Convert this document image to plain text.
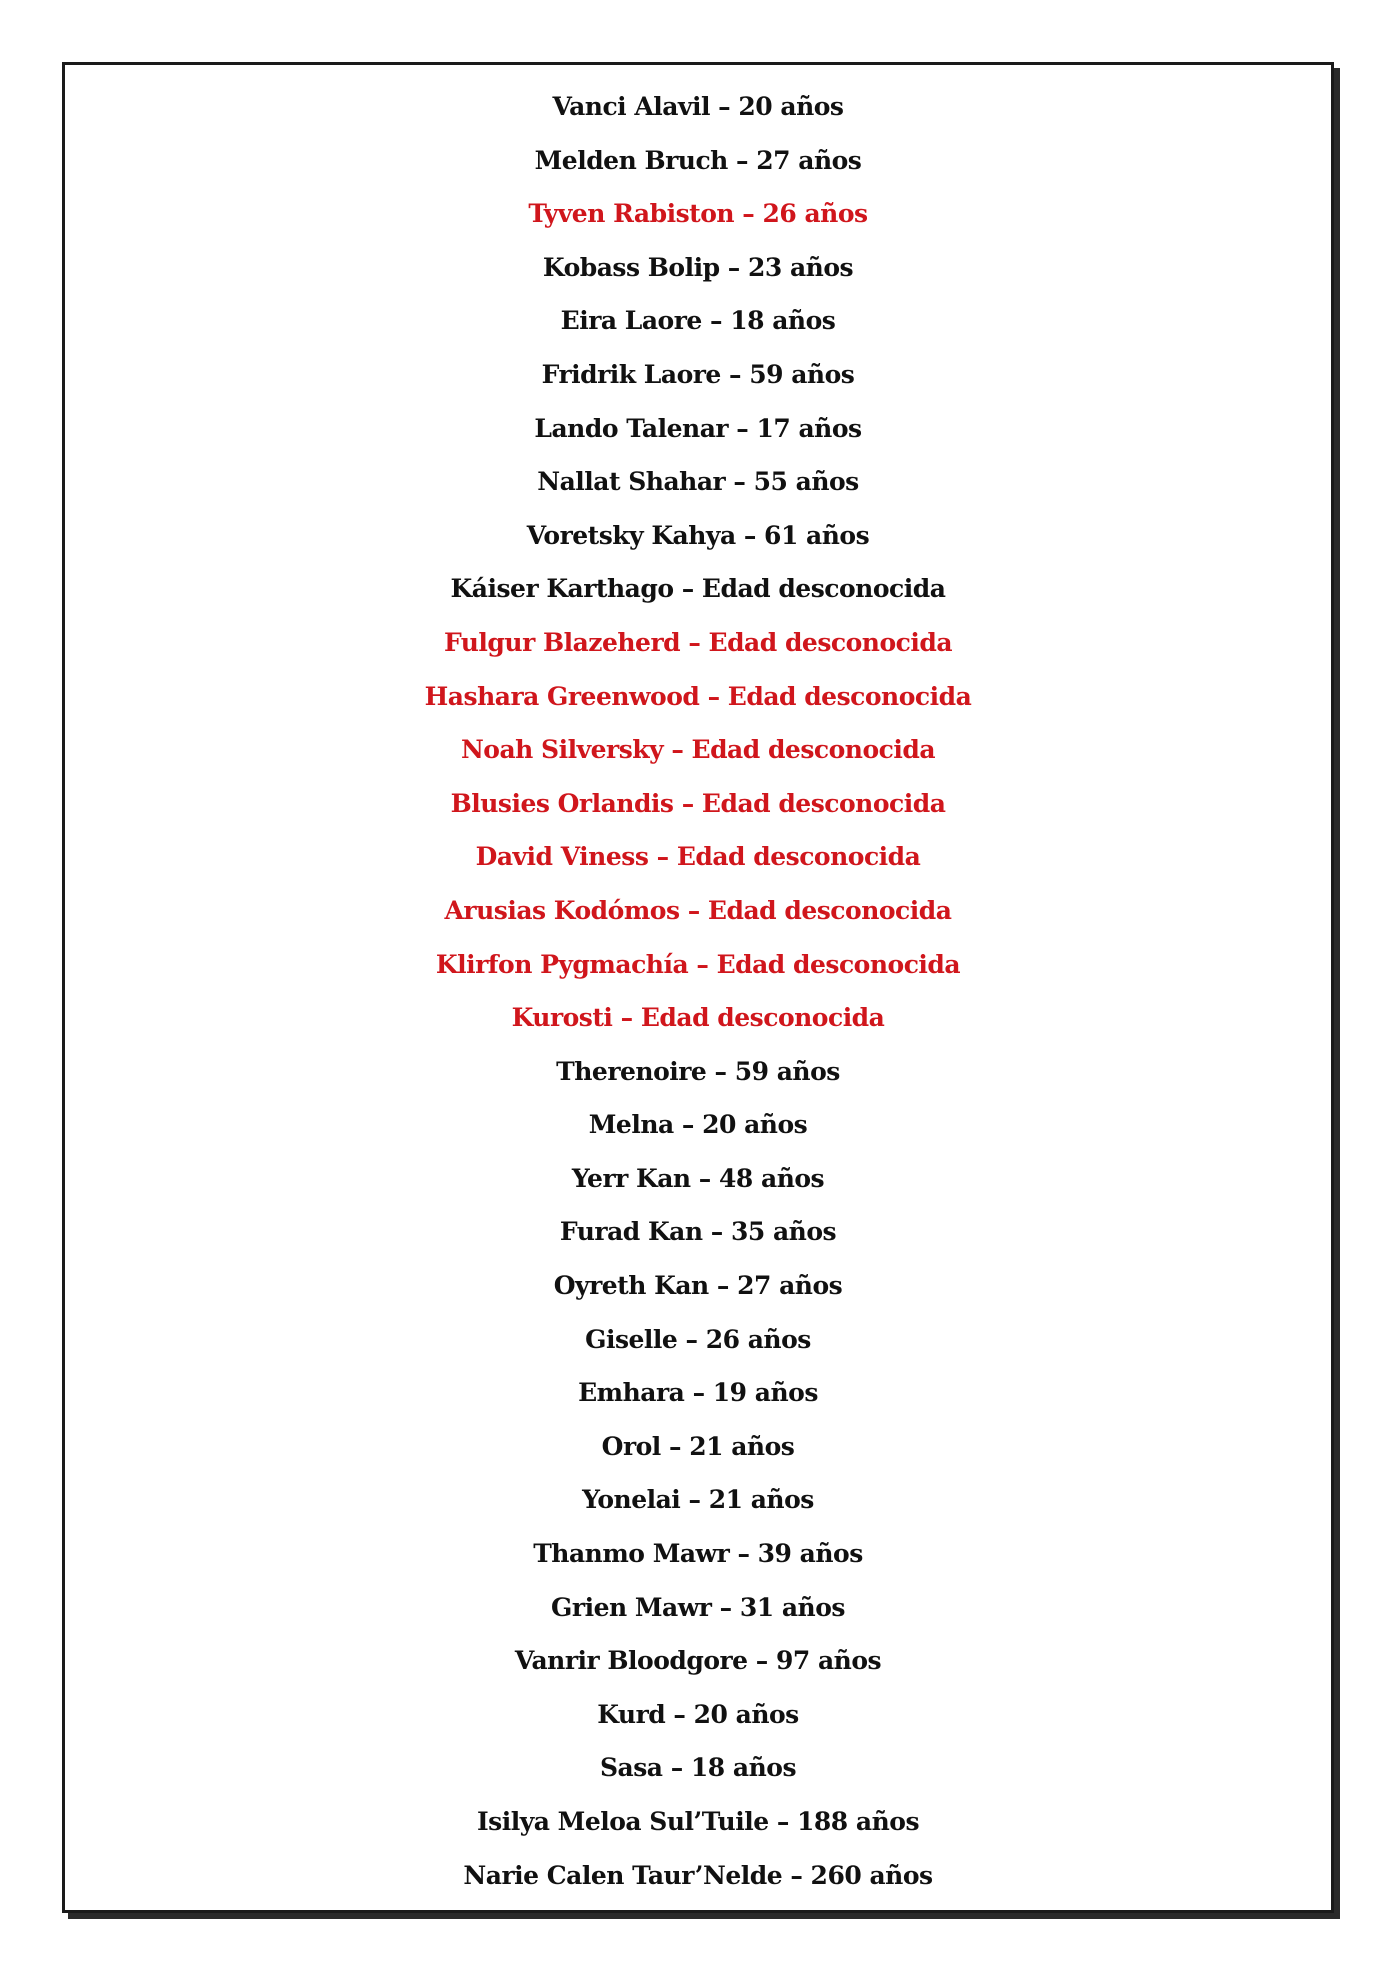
Vanci Alavil – 20 años
Melden Bruch – 27 años
Tyven Rabiston – 26 años
Kobass Bolip – 23 años
Eira Laore – 18 años
Fridrik Laore – 59 años
Lando Talenar – 17 años
Nallat Shahar – 55 años
Voretsky Kahya – 61 años
Káiser Karthago – Edad desconocida
Fulgur Blazeherd – Edad desconocida
Hashara Greenwood – Edad desconocida
Noah Silversky – Edad desconocida
Blusies Orlandis – Edad desconocida
David Viness – Edad desconocida
Arusias Kodómos – Edad desconocida
Klirfon Pygmachía – Edad desconocida
Kurosti – Edad desconocida
Therenoire – 59 años
Melna – 20 años
Yerr Kan – 48 años
Furad Kan – 35 años
Oyreth Kan – 27 años
Giselle – 26 años
Emhara – 19 años
Orol – 21 años
Yonelai – 21 años
Thanmo Mawr – 39 años
Grien Mawr – 31 años
Vanrir Bloodgore – 97 años
Kurd – 20 años
Sasa – 18 años
Isilya Meloa Sul’Tuile – 188 años
Narie Calen Taur’Nelde – 260 años
